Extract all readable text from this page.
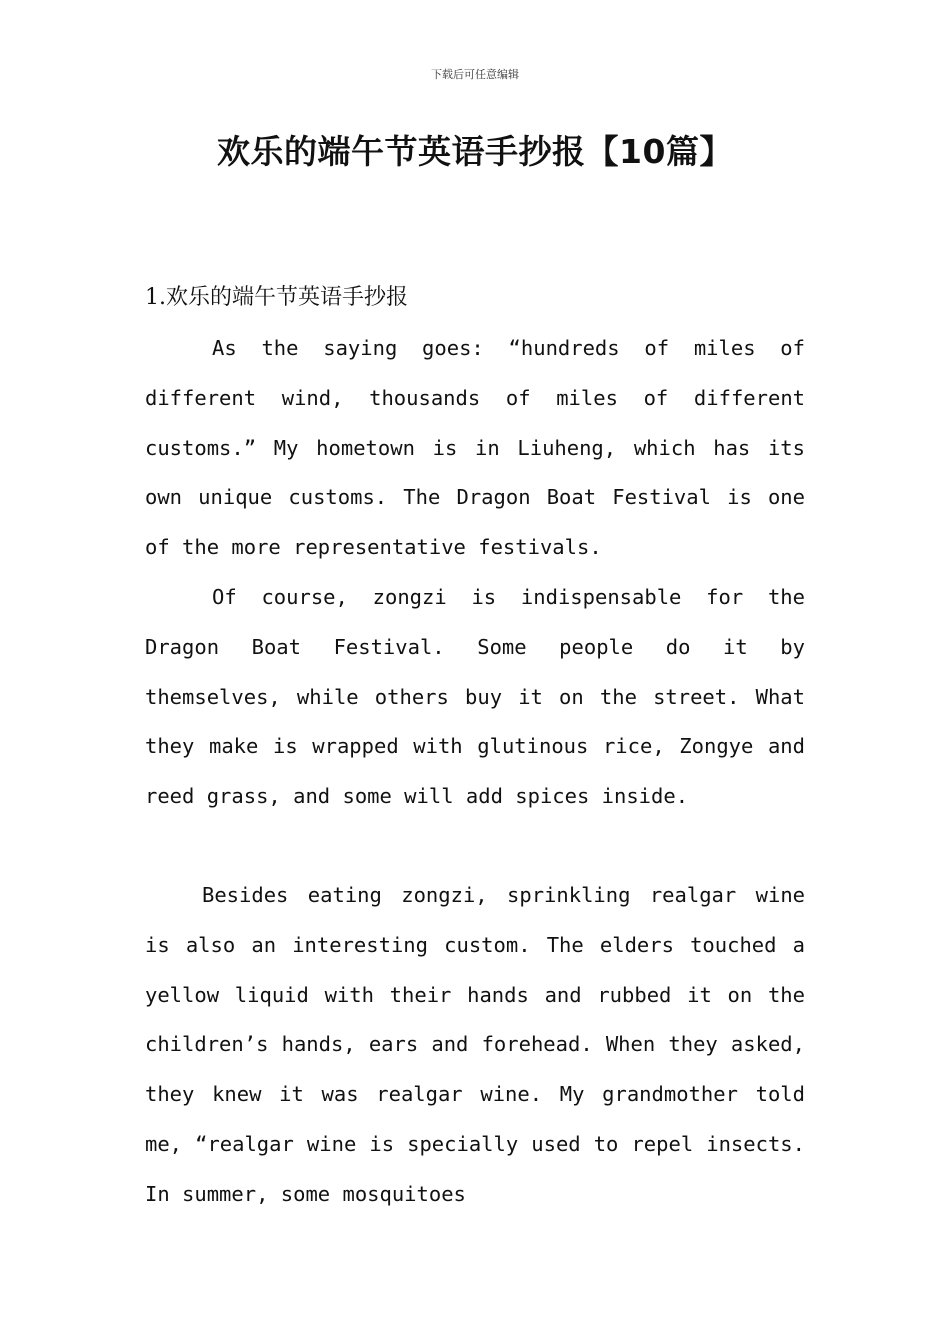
下载后可任意编辑
欢乐的端午节英语手抄报【10篇】
1.欢乐的端午节英语手抄报

As the saying goes: “hundreds of miles of different wind, thousands of miles of different customs.” My hometown is in Liuheng, which has its own unique customs. The Dragon Boat Festival is one of the more representative festivals.

Of course, zongzi is indispensable for the Dragon Boat Festival. Some people do it by themselves, while others buy it on the street. What they make is wrapped with glutinous rice, Zongye and reed grass, and some will add spices inside.

Besides eating zongzi, sprinkling realgar wine is also an interesting custom. The elders touched a yellow liquid with their hands and rubbed it on the children’s hands, ears and forehead. When they asked, they knew it was realgar wine. My grandmother told me, “realgar wine is specially used to repel insects. In summer, some mosquitoes
